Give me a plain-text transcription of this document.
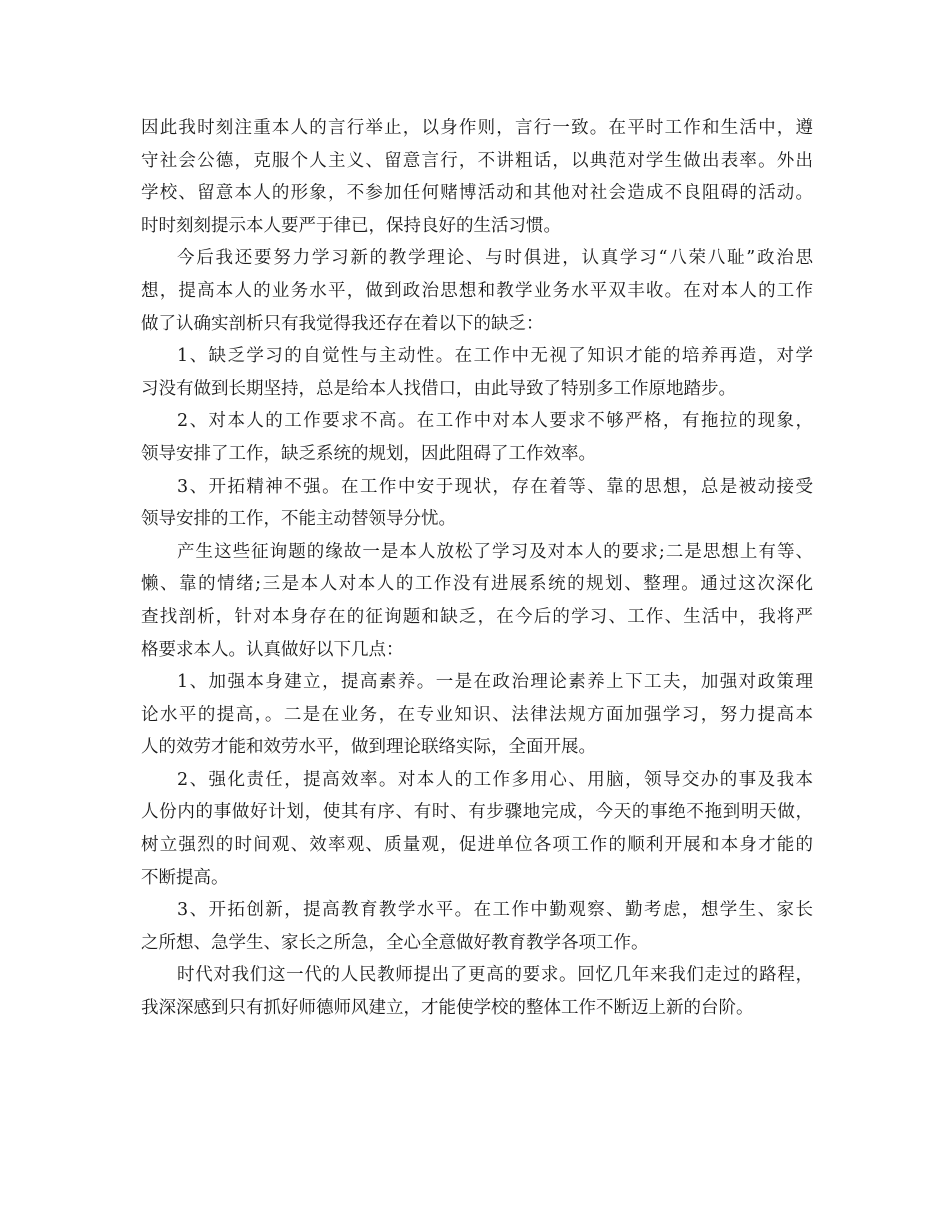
因此我时刻注重本人的言行举止，以身作则，言行一致。在平时工作和生活中，遵
守社会公德，克服个人主义、留意言行，不讲粗话，以典范对学生做出表率。外出
学校、留意本人的形象，不参加任何赌博活动和其他对社会造成不良阻碍的活动。
时时刻刻提示本人要严于律已，保持良好的生活习惯。
今后我还要努力学习新的教学理论、与时俱进，认真学习“八荣八耻”政治思
想，提高本人的业务水平，做到政治思想和教学业务水平双丰收。在对本人的工作
做了认确实剖析只有我觉得我还存在着以下的缺乏：
1、缺乏学习的自觉性与主动性。在工作中无视了知识才能的培养再造，对学
习没有做到长期坚持，总是给本人找借口，由此导致了特别多工作原地踏步。
2、对本人的工作要求不高。在工作中对本人要求不够严格，有拖拉的现象，
领导安排了工作，缺乏系统的规划，因此阻碍了工作效率。
3、开拓精神不强。在工作中安于现状，存在着等、靠的思想，总是被动接受
领导安排的工作，不能主动替领导分忧。
产生这些征询题的缘故一是本人放松了学习及对本人的要求;二是思想上有等、
懒、靠的情绪;三是本人对本人的工作没有进展系统的规划、整理。通过这次深化
查找剖析，针对本身存在的征询题和缺乏，在今后的学习、工作、生活中，我将严
格要求本人。认真做好以下几点：
1、加强本身建立，提高素养。一是在政治理论素养上下工夫，加强对政策理
论水平的提高，。二是在业务，在专业知识、法律法规方面加强学习，努力提高本
人的效劳才能和效劳水平，做到理论联络实际，全面开展。
2、强化责任，提高效率。对本人的工作多用心、用脑，领导交办的事及我本
人份内的事做好计划，使其有序、有时、有步骤地完成，今天的事绝不拖到明天做，
树立强烈的时间观、效率观、质量观，促进单位各项工作的顺利开展和本身才能的
不断提高。
3、开拓创新，提高教育教学水平。在工作中勤观察、勤考虑，想学生、家长
之所想、急学生、家长之所急，全心全意做好教育教学各项工作。
时代对我们这一代的人民教师提出了更高的要求。回忆几年来我们走过的路程，
我深深感到只有抓好师德师风建立，才能使学校的整体工作不断迈上新的台阶。
